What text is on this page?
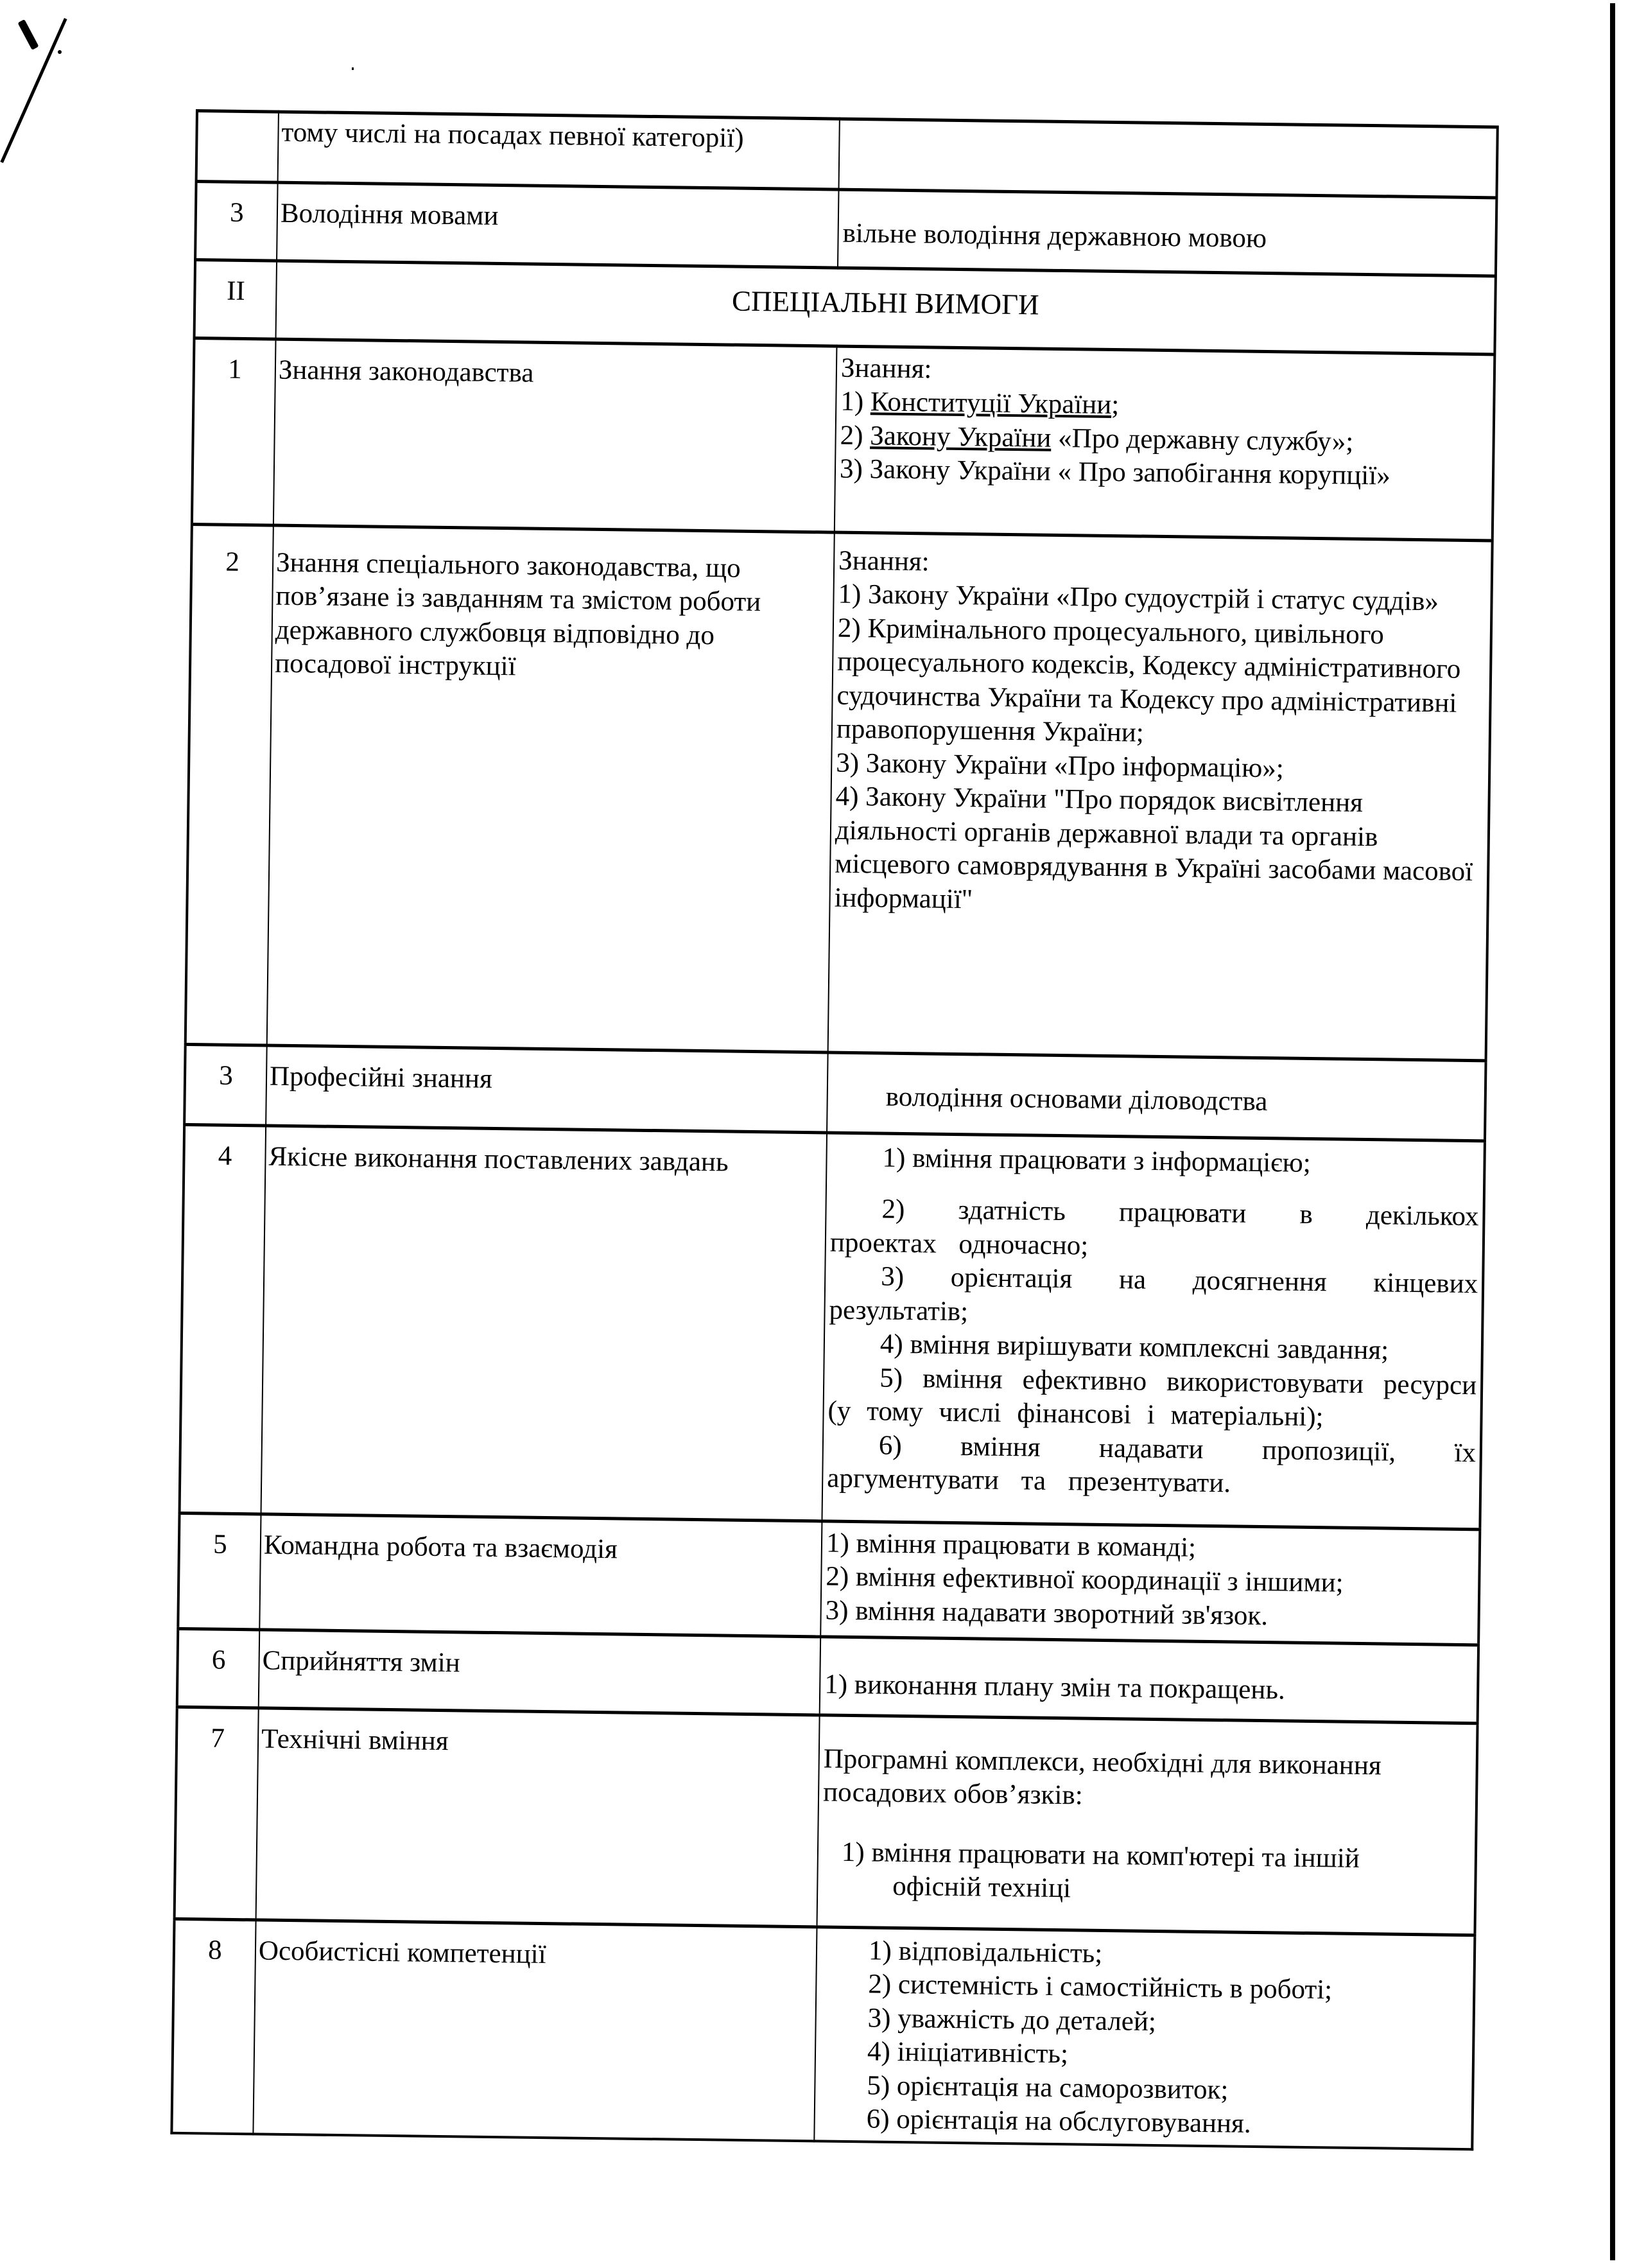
	тому числі на посадах певної категорії)	
3	Володіння мовами	вільне володіння державною мовою
II	СПЕЦІАЛЬНІ ВИМОГИ	
1	Знання законодавства	Знання:
1) Конституції України;
2) Закону України «Про державну службу»;
3) Закону України « Про запобігання корупції»

2	Знання спеціального законодавства, що пов’язане із завданням та змістом роботи державного службовця відповідно до посадової інструкції	Знання:
1) Закону України «Про судоустрій і статус суддів»
2) Кримінального процесуального, цивільного процесуального кодексів, Кодексу адміністративного судочинства України та Кодексу про адміністративні правопорушення України;
3) Закону України «Про інформацію»;
4) Закону України "Про порядок висвітлення діяльності органів державної влади та органів місцевого самоврядування в Україні засобами масової інформації"

3	Професійні знання	володіння основами діловодства
4	Якісне виконання поставлених завдань	1) вміння працювати з інформацією;
2) здатність працювати в декількох проектах одночасно;
3) орієнтація на досягнення кінцевих результатів;
4) вміння вирішувати комплексні завдання;
5) вміння ефективно використовувати ресурси (у тому числі фінансові і матеріальні);
6) вміння надавати пропозиції, їх аргументувати та презентувати.

5	Командна робота та взаємодія	1) вміння працювати в команді;
2) вміння ефективної координації з іншими;
3) вміння надавати зворотний зв'язок.

6	Сприйняття змін	1) виконання плану змін та покращень.

7	Технічні вміння	Програмні комплекси, необхідні для виконання посадових обов’язків:
1) вміння працювати на комп'ютері та іншій офісній техніці

8	Особистісні компетенції	1) відповідальність;
2) системність і самостійність в роботі;
3) уважність до деталей;
4) ініціативність;
5) орієнтація на саморозвиток;
6) орієнтація на обслуговування.
